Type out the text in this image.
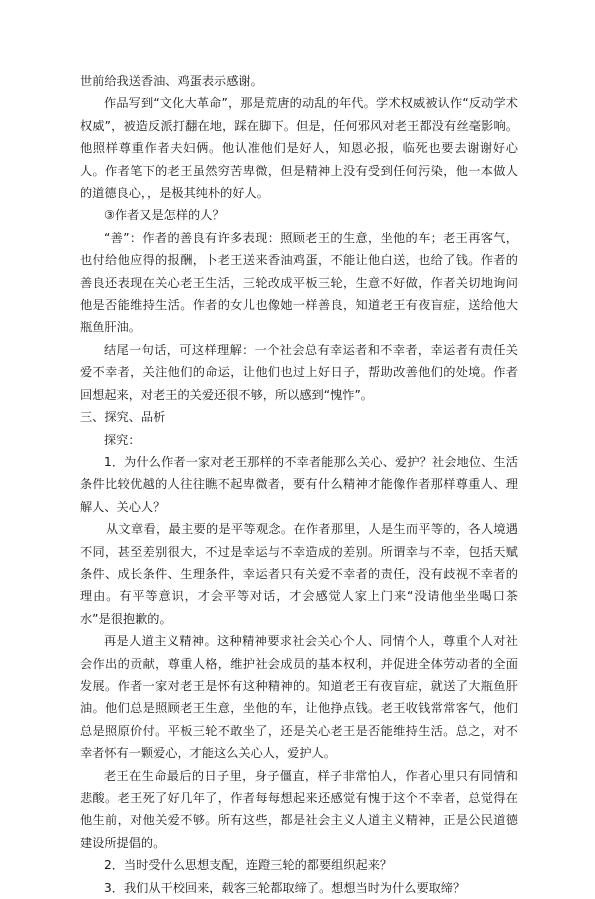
世前给我送香油、鸡蛋表示感谢。

作品写到“文化大革命”，那是荒唐的动乱的年代。学术权威被认作“反动学术权威”，被造反派打翻在地，踩在脚下。但是，任何邪风对老王都没有丝毫影响。他照样尊重作者夫妇俩。他认准他们是好人，知恩必报，临死也要去谢谢好心人。作者笔下的老王虽然穷苦卑微，但是精神上没有受到任何污染，他一本做人的道德良心，，是极其纯朴的好人。

③作者又是怎样的人？

“善”：作者的善良有许多表现：照顾老王的生意，坐他的车；老王再客气，也付给他应得的报酬，卜老王送来香油鸡蛋，不能让他白送，也给了钱。作者的善良还表现在关心老王生活，三轮改成平板三轮，生意不好做，作者关切地询问他是否能维持生活。作者的女儿也像她一样善良，知道老王有夜盲症，送给他大瓶鱼肝油。

结尾一句话，可这样理解：一个社会总有幸运者和不幸者，幸运者有责任关爱不幸者，关注他们的命运，让他们也过上好日子，帮助改善他们的处境。作者回想起来，对老王的关爱还很不够，所以感到“愧怍”。

三、探究、品析

探究：

1．为什么作者一家对老王那样的不幸者能那么关心、爱护？社会地位、生活条件比较优越的人往往瞧不起卑微者，要有什么精神才能像作者那样尊重人、理解人、关心人？

从文章看，最主要的是平等观念。在作者那里，人是生而平等的，各人境遇不同，甚至差别很大，不过是幸运与不幸造成的差别。所谓幸与不幸，包括天赋条件、成长条件、生理条件，幸运者只有关爱不幸者的责任，没有歧视不幸者的理由。有平等意识，才会平等对话，才会感觉人家上门来“没请他坐坐喝口茶水”是很抱歉的。

再是人道主义精神。这种精神要求社会关心个人、同情个人，尊重个人对社会作出的贡献，尊重人格，维护社会成员的基本权利，并促进全体劳动者的全面发展。作者一家对老王是怀有这种精神的。知道老王有夜盲症，就送了大瓶鱼肝油。他们总是照顾老王生意，坐他的车，让他挣点钱。老王收钱常常客气，他们总是照原价付。平板三轮不敢坐了，还是关心老王是否能维持生活。总之，对不幸者怀有一颗爱心，才能这么关心人，爱护人。

老王在生命最后的日子里，身子僵直，样子非常怕人，作者心里只有同情和悲酸。老王死了好几年了，作者每每想起来还感觉有愧于这个不幸者，总觉得在他生前，对他关爱不够。所有这些，都是社会主义人道主义精神，正是公民道德建设所提倡的。

2．当时受什么思想支配，连蹬三轮的都要组织起来？

3．我们从干校回来，载客三轮都取缔了。想想当时为什么要取缔？
